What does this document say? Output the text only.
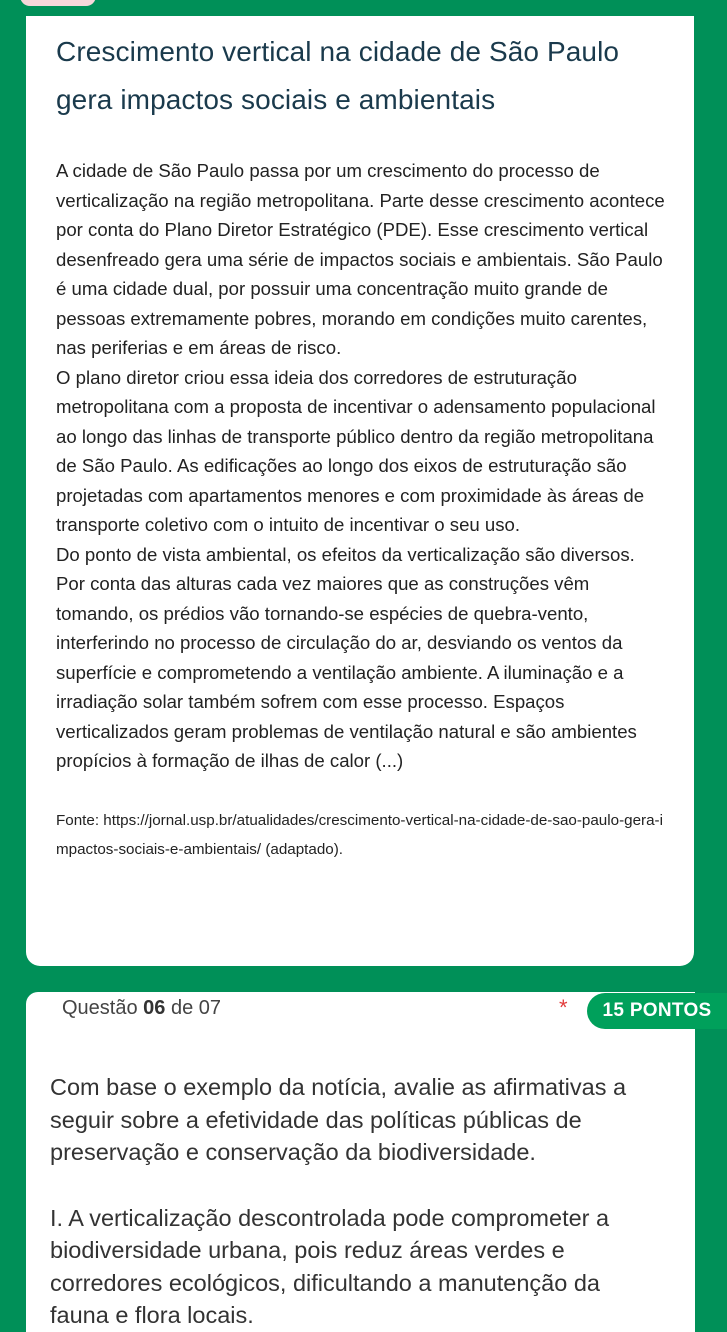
Crescimento vertical na cidade de São Paulo gera impactos sociais e ambientais

A cidade de São Paulo passa por um crescimento do processo de verticalização na região metropolitana. Parte desse crescimento acontece por conta do Plano Diretor Estratégico (PDE). Esse crescimento vertical desenfreado gera uma série de impactos sociais e ambientais. São Paulo é uma cidade dual, por possuir uma concentração muito grande de pessoas extremamente pobres, morando em condições muito carentes, nas periferias e em áreas de risco.

O plano diretor criou essa ideia dos corredores de estruturação metropolitana com a proposta de incentivar o adensamento populacional ao longo das linhas de transporte público dentro da região metropolitana de São Paulo. As edificações ao longo dos eixos de estruturação são projetadas com apartamentos menores e com proximidade às áreas de transporte coletivo com o intuito de incentivar o seu uso.

Do ponto de vista ambiental, os efeitos da verticalização são diversos. Por conta das alturas cada vez maiores que as construções vêm tomando, os prédios vão tornando-se espécies de quebra-vento, interferindo no processo de circulação do ar, desviando os ventos da superfície e comprometendo a ventilação ambiente. A iluminação e a irradiação solar também sofrem com esse processo. Espaços verticalizados geram problemas de ventilação natural e são ambientes propícios à formação de ilhas de calor (...)

Fonte: https://jornal.usp.br/atualidades/crescimento-vertical-na-cidade-de-sao-paulo-gera-impactos-sociais-e-ambientais/ (adaptado).
Questão 06 de 07	*	15 PONTOS

Com base o exemplo da notícia, avalie as afirmativas a seguir sobre a efetividade das políticas públicas de preservação e conservação da biodiversidade.

I. A verticalização descontrolada pode comprometer a biodiversidade urbana, pois reduz áreas verdes e corredores ecológicos, dificultando a manutenção da fauna e flora locais.
